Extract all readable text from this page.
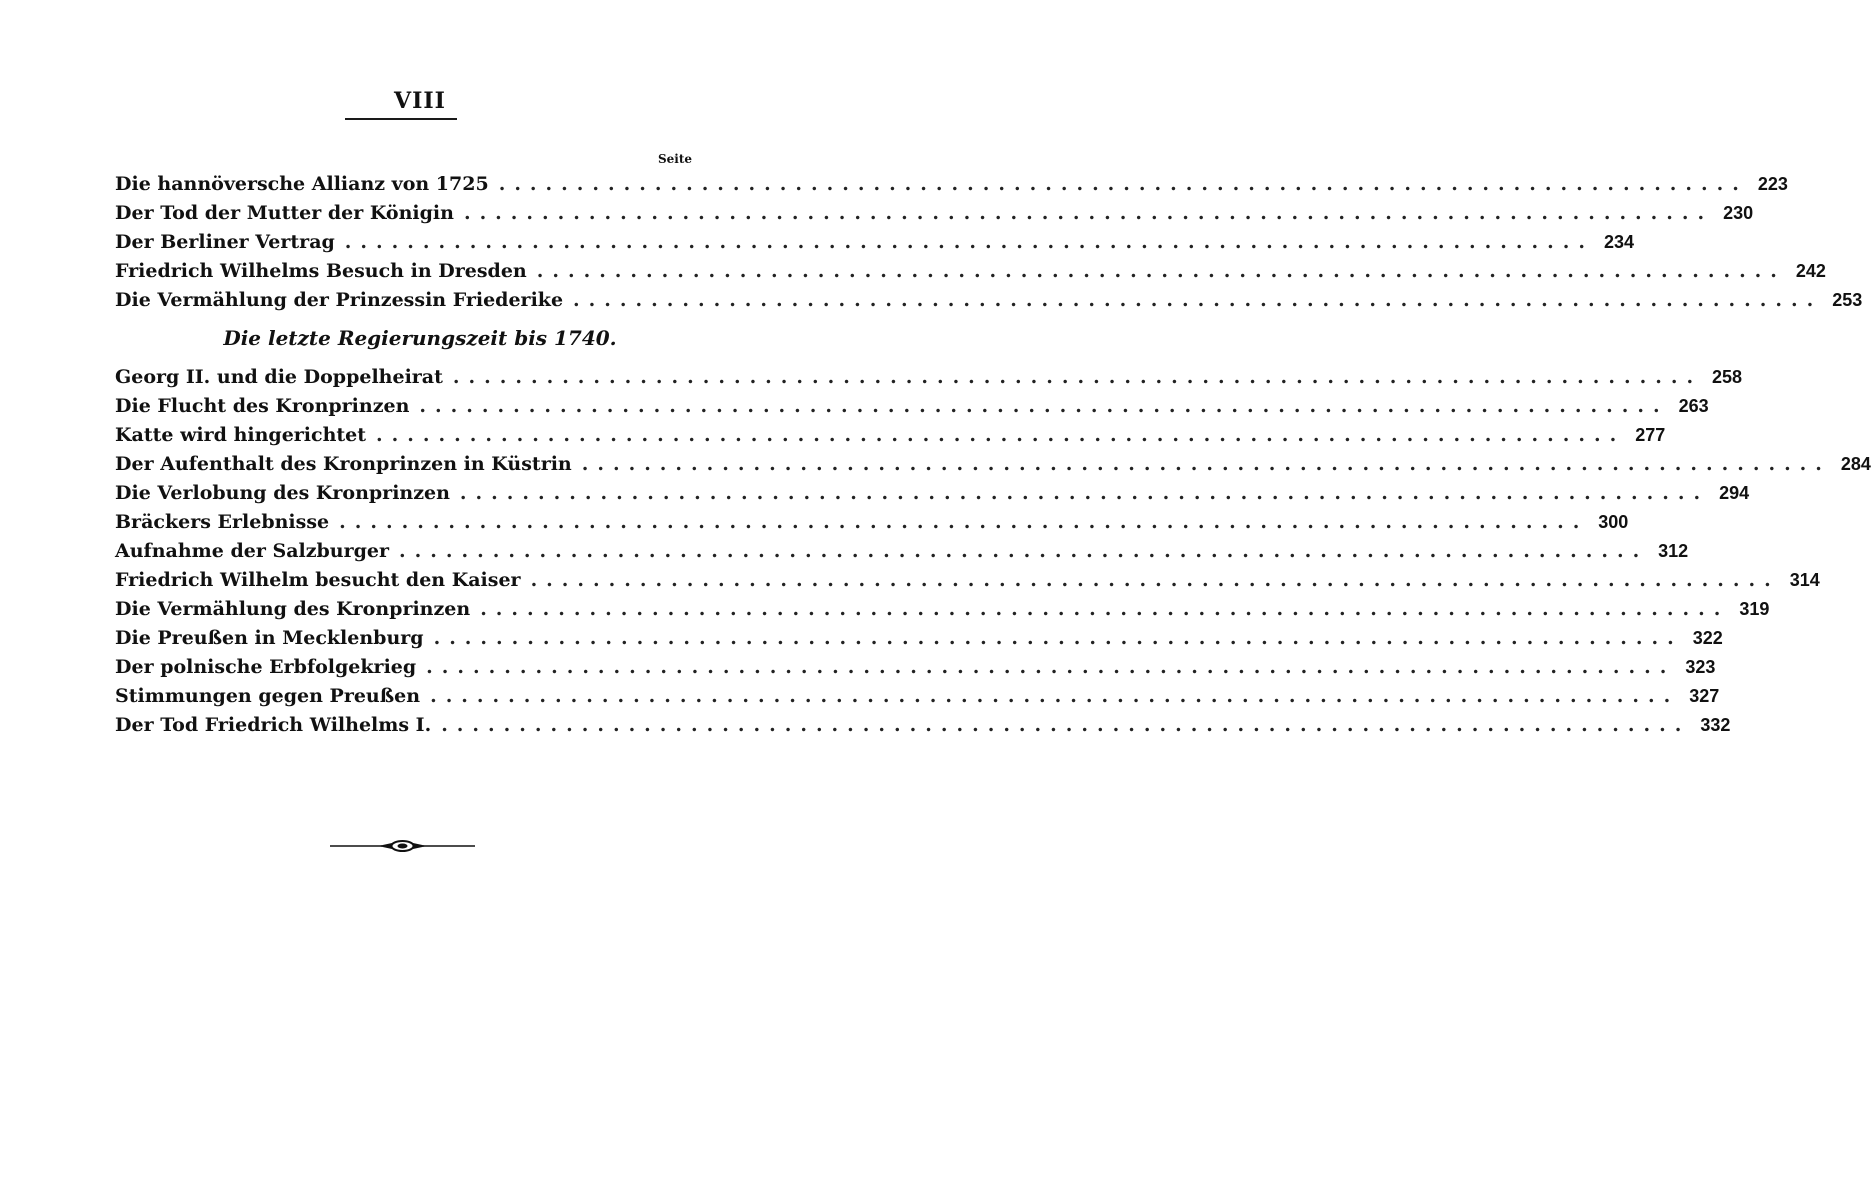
VIII
Seite
Die hannöversche Allianz von 1725 ................................................................................ 223
Der Tod der Mutter der Königin ................................................................................ 230
Der Berliner Vertrag ................................................................................ 234
Friedrich Wilhelms Besuch in Dresden ................................................................................ 242
Die Vermählung der Prinzessin Friederike ................................................................................ 253
Die letzte Regierungszeit bis 1740.
Georg II. und die Doppelheirat ................................................................................ 258
Die Flucht des Kronprinzen ................................................................................ 263
Katte wird hingerichtet ................................................................................ 277
Der Aufenthalt des Kronprinzen in Küstrin ................................................................................ 284
Die Verlobung des Kronprinzen ................................................................................ 294
Bräckers Erlebnisse ................................................................................ 300
Aufnahme der Salzburger ................................................................................ 312
Friedrich Wilhelm besucht den Kaiser ................................................................................ 314
Die Vermählung des Kronprinzen ................................................................................ 319
Die Preußen in Mecklenburg ................................................................................ 322
Der polnische Erbfolgekrieg ................................................................................ 323
Stimmungen gegen Preußen ................................................................................ 327
Der Tod Friedrich Wilhelms I. ................................................................................ 332
